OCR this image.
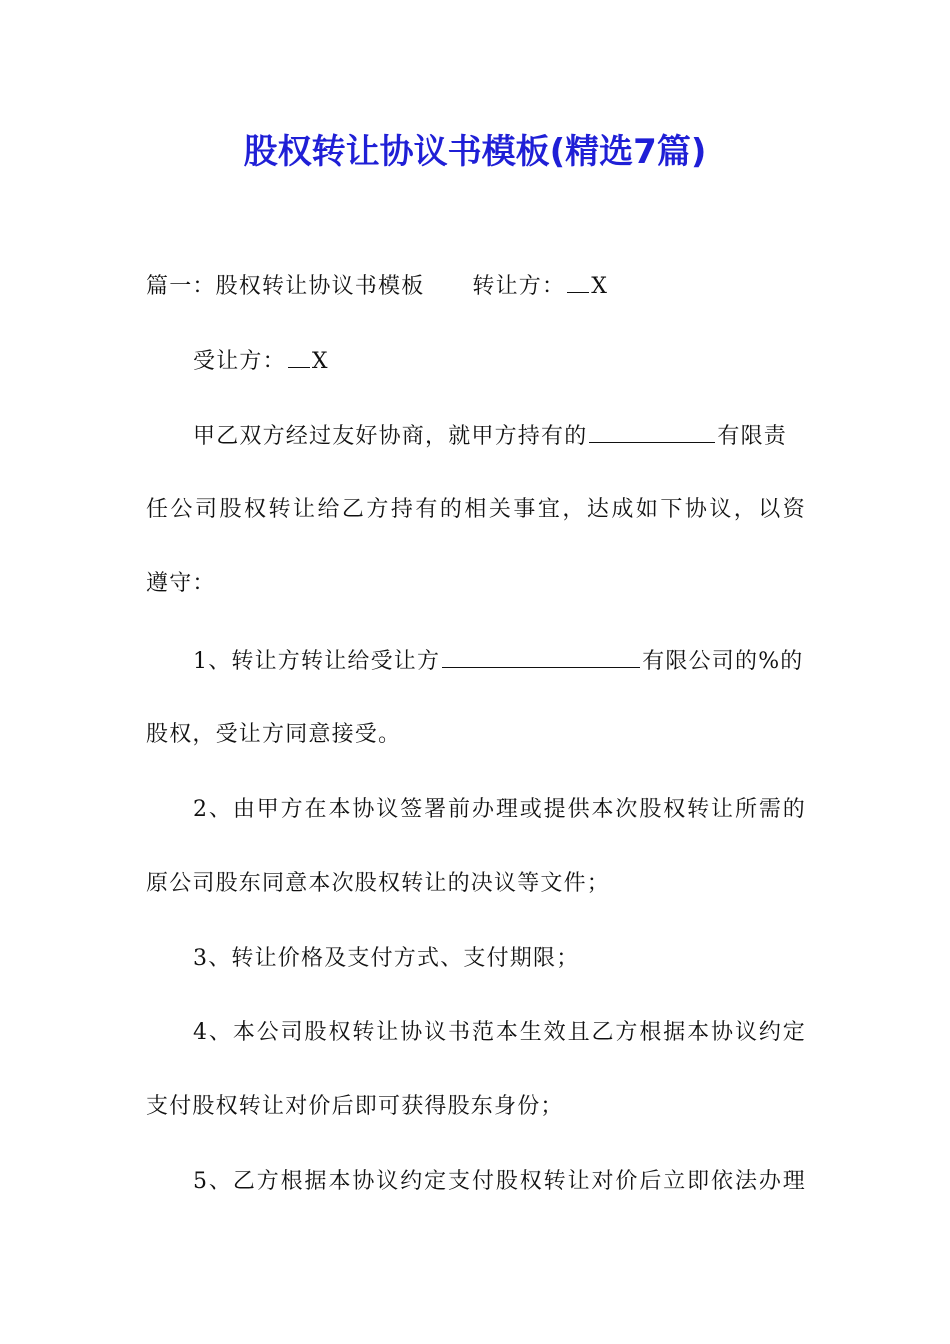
股权转让协议书模板(精选7篇)
篇一：股权转让协议书模板 转让方： X
受让方： X
甲乙双方经过友好协商，就甲方持有的	有限责
任公司股权转让给乙方持有的相关事宜，达成如下协议，以资
遵守：
1、转让方转让给受让方	有限公司的%的
股权，受让方同意接受。
2、由甲方在本协议签署前办理或提供本次股权转让所需的
原公司股东同意本次股权转让的决议等文件；
3、转让价格及支付方式、支付期限；
4、本公司股权转让协议书范本生效且乙方根据本协议约定
支付股权转让对价后即可获得股东身份；
5、乙方根据本协议约定支付股权转让对价后立即依法办理
